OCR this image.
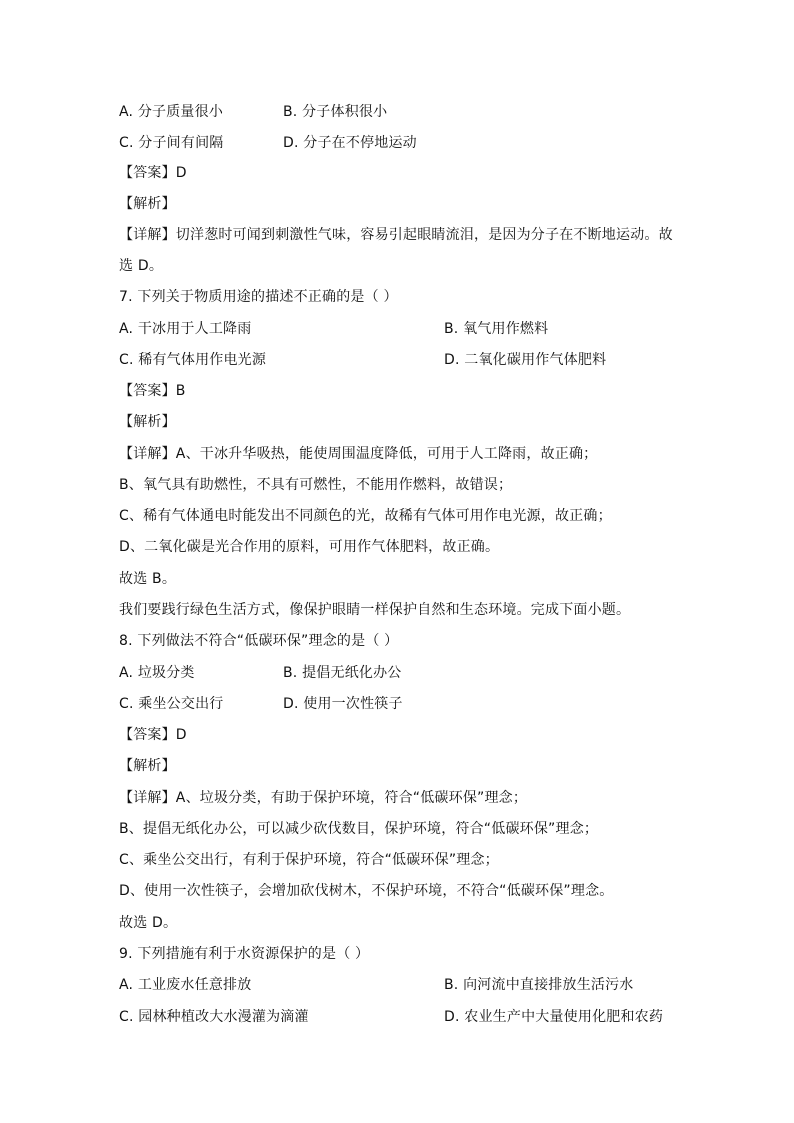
A. 分子质量很小	B. 分子体积很小
C. 分子间有间隔	D. 分子在不停地运动
【答案】D
【解析】
【详解】切洋葱时可闻到刺激性气味，容易引起眼睛流泪，是因为分子在不断地运动。故
选 D。
7. 下列关于物质用途的描述不正确的是（ ）
A. 干冰用于人工降雨	B. 氧气用作燃料
C. 稀有气体用作电光源	D. 二氧化碳用作气体肥料
【答案】B
【解析】
【详解】A、干冰升华吸热，能使周围温度降低，可用于人工降雨，故正确；
B、氧气具有助燃性，不具有可燃性，不能用作燃料，故错误；
C、稀有气体通电时能发出不同颜色的光，故稀有气体可用作电光源，故正确；
D、二氧化碳是光合作用的原料，可用作气体肥料，故正确。
故选 B。
我们要践行绿色生活方式，像保护眼睛一样保护自然和生态环境。完成下面小题。
8. 下列做法不符合“低碳环保”理念的是（ ）
A. 垃圾分类	B. 提倡无纸化办公
C. 乘坐公交出行	D. 使用一次性筷子
【答案】D
【解析】
【详解】A、垃圾分类，有助于保护环境，符合“低碳环保”理念；
B、提倡无纸化办公，可以减少砍伐数目，保护环境，符合“低碳环保”理念；
C、乘坐公交出行，有利于保护环境，符合“低碳环保”理念；
D、使用一次性筷子，会增加砍伐树木，不保护环境，不符合“低碳环保”理念。
故选 D。
9. 下列措施有利于水资源保护的是（ ）
A. 工业废水任意排放	B. 向河流中直接排放生活污水
C. 园林种植改大水漫灌为滴灌	D. 农业生产中大量使用化肥和农药
